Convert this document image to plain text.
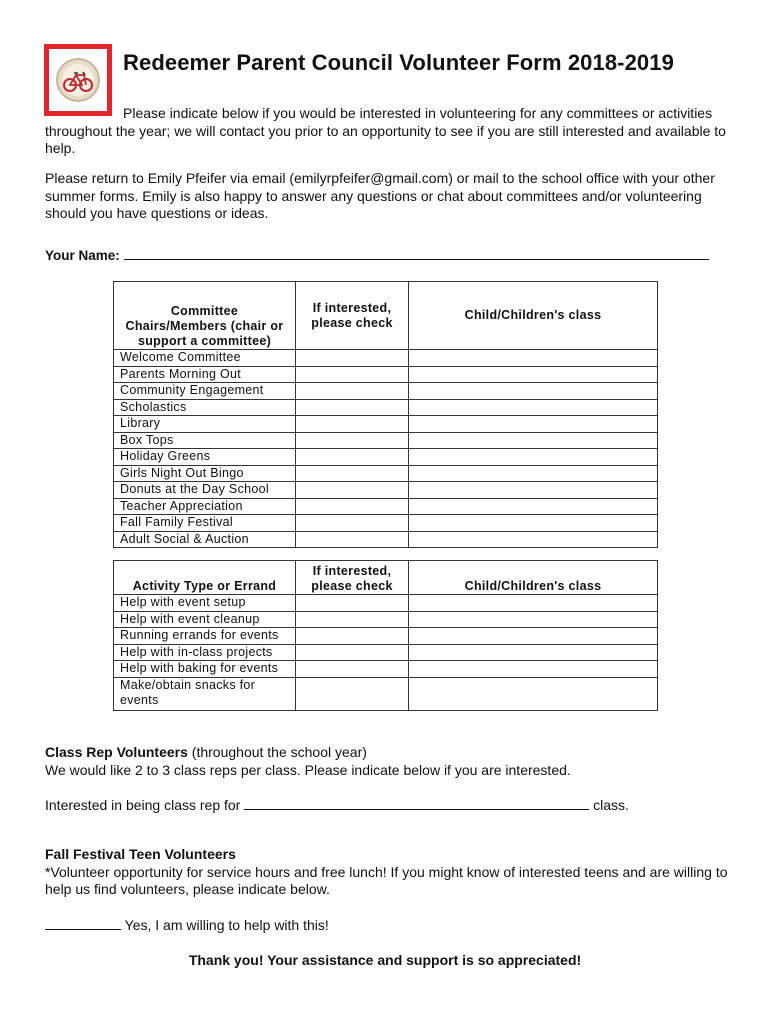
Redeemer Parent Council Volunteer Form 2018-2019

Please indicate below if you would be interested in volunteering for any committees or activities throughout the year; we will contact you prior to an opportunity to see if you are still interested and available to help.

Please return to Emily Pfeifer via email (emilyrpfeifer@gmail.com) or mail to the school office with your other summer forms. Emily is also happy to answer any questions or chat about committees and/or volunteering should you have questions or ideas.

Your Name:
Committee Chairs/Members (chair or support a committee)	If interested, please check	Child/Children's class
Welcome Committee		
Parents Morning Out		
Community Engagement		
Scholastics		
Library		
Box Tops		
Holiday Greens		
Girls Night Out Bingo		
Donuts at the Day School		
Teacher Appreciation		
Fall Family Festival		
Adult Social & Auction		
Activity Type or Errand	If interested, please check	Child/Children's class
Help with event setup		
Help with event cleanup		
Running errands for events		
Help with in-class projects		
Help with baking for events		
Make/obtain snacks for events		
Class Rep Volunteers (throughout the school year)
We would like 2 to 3 class reps per class. Please indicate below if you are interested.
Interested in being class rep for	class.
Fall Festival Teen Volunteers
*Volunteer opportunity for service hours and free lunch! If you might know of interested teens and are willing to help us find volunteers, please indicate below.
Yes, I am willing to help with this!
Thank you! Your assistance and support is so appreciated!
